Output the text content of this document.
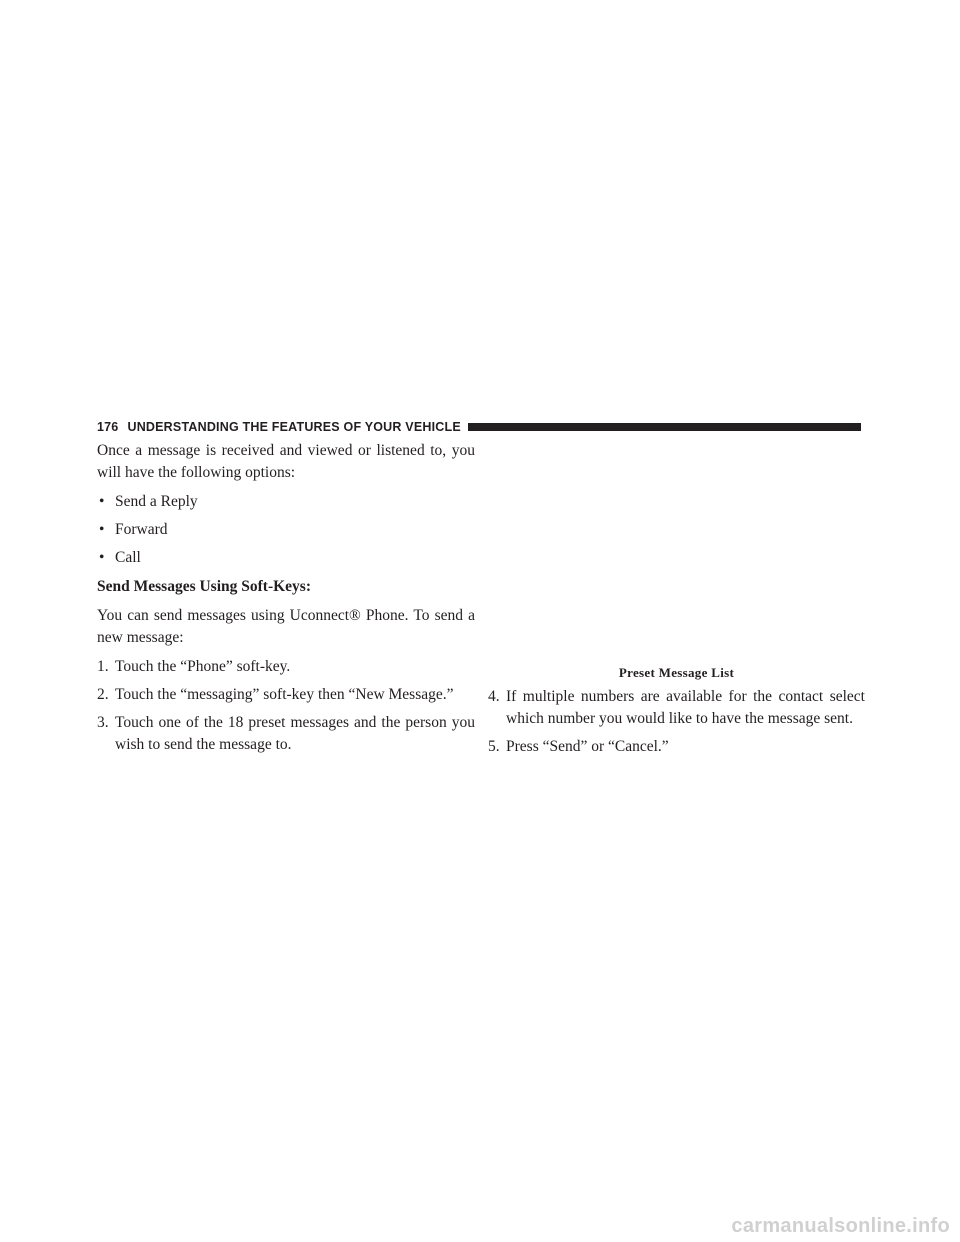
176 UNDERSTANDING THE FEATURES OF YOUR VEHICLE

Once a message is received and viewed or listened to, you will have the following options:

• Send a Reply
• Forward
• Call

Send Messages Using Soft-Keys:

You can send messages using Uconnect® Phone. To send a new message:

1. Touch the “Phone” soft-key.
2. Touch the “messaging” soft-key then “New Message.”
3. Touch one of the 18 preset messages and the person you wish to send the message to.
Preset Message List
4. If multiple numbers are available for the contact select which number you would like to have the message sent.
5. Press “Send” or “Cancel.”
carmanualsonline.info
